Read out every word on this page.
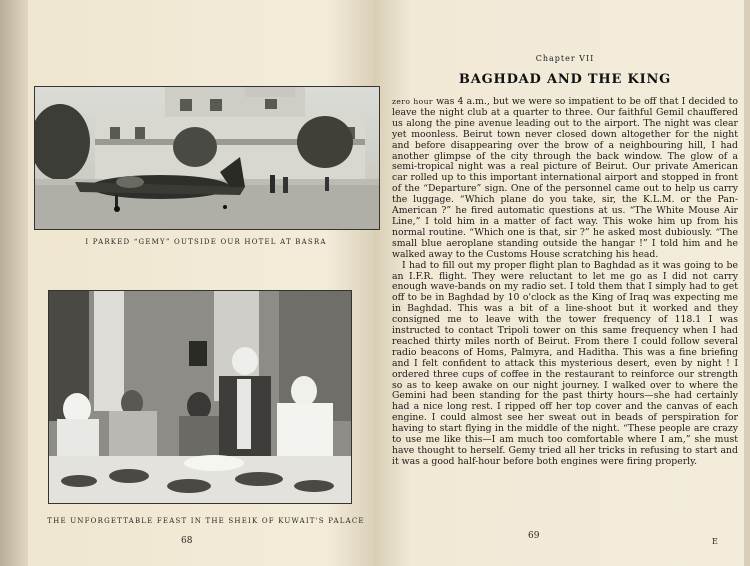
I PARKED “GEMY” OUTSIDE OUR HOTEL AT BASRA
THE UNFORGETTABLE FEAST IN THE SHEIK OF KUWAIT'S PALACE
68
Chapter VII
BAGHDAD AND THE KING

zero hour was 4 a.m., but we were so impatient to be off that I decided to leave the night club at a quarter to three. Our faithful Gemil chauffered us along the pine avenue leading out to the airport. The night was clear yet moonless. Beirut town never closed down altogether for the night and before disappearing over the brow of a neighbouring hill, I had another glimpse of the city through the back window. The glow of a semi-tropical night was a real picture of Beirut. Our private American car rolled up to this important international airport and stopped in front of the “Departure” sign. One of the personnel came out to help us carry the luggage. “Which plane do you take, sir, the K.L.M. or the Pan-American ?” he fired automatic questions at us. “The White Mouse Air Line,” I told him in a matter of fact way. This woke him up from his normal routine. “Which one is that, sir ?” he asked most dubiously. “The small blue aeroplane standing outside the hangar !” I told him and he walked away to the Customs House scratching his head.

I had to fill out my proper flight plan to Baghdad as it was going to be an I.F.R. flight. They were reluctant to let me go as I did not carry enough wave-bands on my radio set. I told them that I simply had to get off to be in Baghdad by 10 o'clock as the King of Iraq was expecting me in Baghdad. This was a bit of a line-shoot but it worked and they consigned me to leave with the tower frequency of 118.1 I was instructed to contact Tripoli tower on this same frequency when I had reached thirty miles north of Beirut. From there I could follow several radio beacons of Homs, Palmyra, and Haditha. This was a fine briefing and I felt confident to attack this mysterious desert, even by night ! I ordered three cups of coffee in the restaurant to reinforce our strength so as to keep awake on our night journey. I walked over to where the Gemini had been standing for the past thirty hours—she had certainly had a nice long rest. I ripped off her top cover and the canvas of each engine. I could almost see her sweat out in beads of perspiration for having to start flying in the middle of the night. “These people are crazy to use me like this—I am much too comfortable where I am,” she must have thought to herself. Gemy tried all her tricks in refusing to start and it was a good half-hour before both engines were firing properly.

69
E
